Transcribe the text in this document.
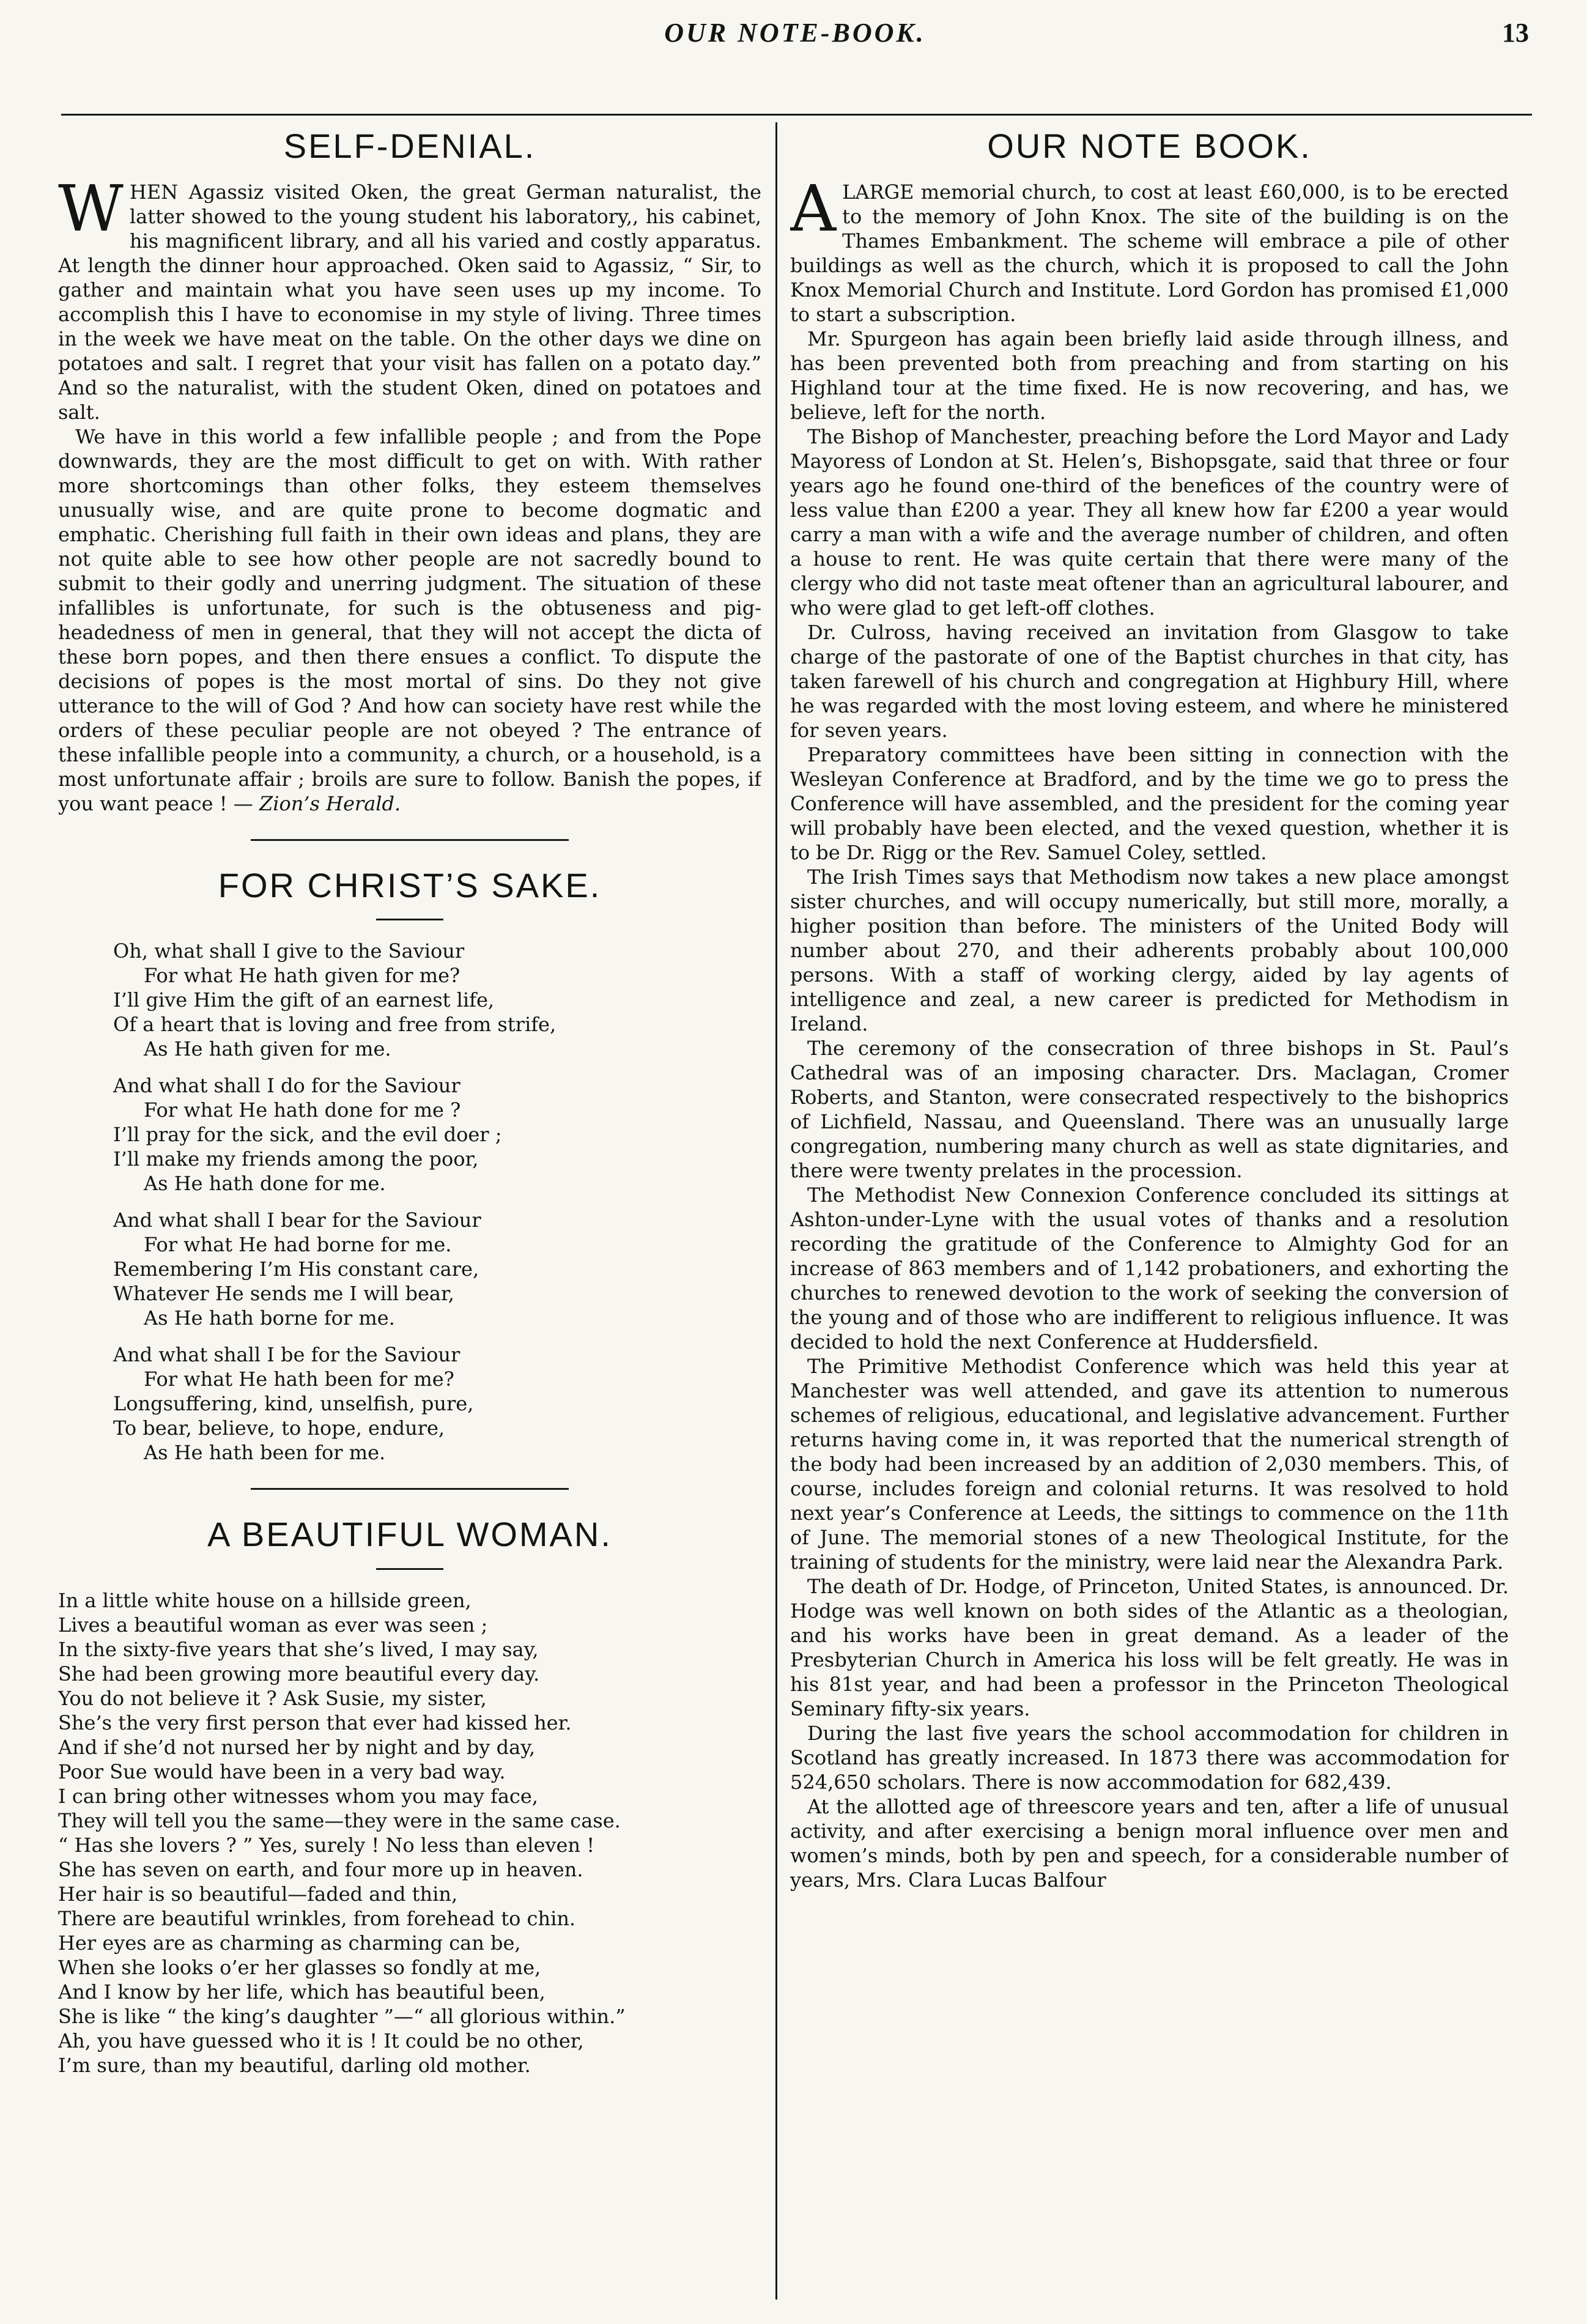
OUR NOTE-BOOK.	13
SELF-DENIAL.

WHEN Agassiz visited Oken, the great German naturalist, the latter showed to the young student his laboratory,, his cabinet, his magnificent library, and all his varied and costly apparatus. At length the dinner hour approached. Oken said to Agassiz, “ Sir, to gather and maintain what you have seen uses up my income. To accomplish this I have to economise in my style of living. Three times in the week we have meat on the table. On the other days we dine on potatoes and salt. I regret that your visit has fallen on a potato day.” And so the naturalist, with the student Oken, dined on potatoes and salt.

We have in this world a few infallible people ; and from the Pope downwards, they are the most difficult to get on with. With rather more shortcomings than other folks, they esteem themselves unusually wise, and are quite prone to become dogmatic and emphatic. Cherishing full faith in their own ideas and plans, they are not quite able to see how other people are not sacredly bound to submit to their godly and unerring judgment. The situation of these infallibles is unfortunate, for such is the obtuseness and pig-headedness of men in general, that they will not accept the dicta of these born popes, and then there ensues a conflict. To dispute the decisions of popes is the most mortal of sins. Do they not give utterance to the will of God ? And how can society have rest while the orders of these peculiar people are not obeyed ? The entrance of these infallible people into a community, a church, or a household, is a most unfortunate affair ; broils are sure to follow. Banish the popes, if you want peace ! — Zion’s Herald.

FOR CHRIST’S SAKE.
Oh, what shall I give to the Saviour
For what He hath given for me?
I’ll give Him the gift of an earnest life,
Of a heart that is loving and free from strife,
As He hath given for me.
And what shall I do for the Saviour
For what He hath done for me ?
I’ll pray for the sick, and the evil doer ;
I’ll make my friends among the poor,
As He hath done for me.
And what shall I bear for the Saviour
For what He had borne for me.
Remembering I’m His constant care,
Whatever He sends me I will bear,
As He hath borne for me.
And what shall I be for the Saviour
For what He hath been for me?
Longsuffering, kind, unselfish, pure,
To bear, believe, to hope, endure,
As He hath been for me.
A BEAUTIFUL WOMAN.
In a little white house on a hillside green,
Lives a beautiful woman as ever was seen ;
In the sixty-five years that she’s lived, I may say,
She had been growing more beautiful every day.
You do not believe it ? Ask Susie, my sister,
She’s the very first person that ever had kissed her.
And if she’d not nursed her by night and by day,
Poor Sue would have been in a very bad way.
I can bring other witnesses whom you may face,
They will tell you the same—they were in the same case.
“ Has she lovers ? ” Yes, surely ! No less than eleven !
She has seven on earth, and four more up in heaven.
Her hair is so beautiful—faded and thin,
There are beautiful wrinkles, from forehead to chin.
Her eyes are as charming as charming can be,
When she looks o’er her glasses so fondly at me,
And I know by her life, which has beautiful been,
She is like “ the king’s daughter ”—“ all glorious within.”
Ah, you have guessed who it is ! It could be no other,
I’m sure, than my beautiful, darling old mother.
OUR NOTE BOOK.

A LARGE memorial church, to cost at least £60,000, is to be erected to the memory of John Knox. The site of the building is on the Thames Embankment. The scheme will embrace a pile of other buildings as well as the church, which it is proposed to call the John Knox Memorial Church and Institute. Lord Gordon has promised £1,000 to start a subscription.

Mr. Spurgeon has again been briefly laid aside through illness, and has been prevented both from preaching and from starting on his Highland tour at the time fixed. He is now recovering, and has, we believe, left for the north.

The Bishop of Manchester, preaching before the Lord Mayor and Lady Mayoress of London at St. Helen’s, Bishopsgate, said that three or four years ago he found one-third of the benefices of the country were of less value than £200 a year. They all knew how far £200 a year would carry a man with a wife and the average number of children, and often a house to rent. He was quite certain that there were many of the clergy who did not taste meat oftener than an agricultural labourer, and who were glad to get left-off clothes.

Dr. Culross, having received an invitation from Glasgow to take charge of the pastorate of one of the Baptist churches in that city, has taken farewell of his church and congregation at Highbury Hill, where he was regarded with the most loving esteem, and where he ministered for seven years.

Preparatory committees have been sitting in connection with the Wesleyan Conference at Bradford, and by the time we go to press the Conference will have assembled, and the president for the coming year will probably have been elected, and the vexed question, whether it is to be Dr. Rigg or the Rev. Samuel Coley, settled.

The Irish Times says that Methodism now takes a new place amongst sister churches, and will occupy numerically, but still more, morally, a higher position than before. The ministers of the United Body will number about 270, and their adherents probably about 100,000 persons. With a staff of working clergy, aided by lay agents of intelligence and zeal, a new career is predicted for Methodism in Ireland.

The ceremony of the consecration of three bishops in St. Paul’s Cathedral was of an imposing character. Drs. Maclagan, Cromer Roberts, and Stanton, were consecrated respectively to the bishoprics of Lichfield, Nassau, and Queensland. There was an unusually large congregation, numbering many church as well as state dignitaries, and there were twenty prelates in the procession.

The Methodist New Connexion Conference concluded its sittings at Ashton-under-Lyne with the usual votes of thanks and a resolution recording the gratitude of the Conference to Almighty God for an increase of 863 members and of 1,142 probationers, and exhorting the churches to renewed devotion to the work of seeking the conversion of the young and of those who are indifferent to religious influence. It was decided to hold the next Conference at Huddersfield.

The Primitive Methodist Conference which was held this year at Manchester was well attended, and gave its attention to numerous schemes of religious, educational, and legislative advancement. Further returns having come in, it was reported that the numerical strength of the body had been increased by an addition of 2,030 members. This, of course, includes foreign and colonial returns. It was resolved to hold next year’s Conference at Leeds, the sittings to commence on the 11th of June. The memorial stones of a new Theological Institute, for the training of students for the ministry, were laid near the Alexandra Park.

The death of Dr. Hodge, of Princeton, United States, is announced. Dr. Hodge was well known on both sides of the Atlantic as a theologian, and his works have been in great demand. As a leader of the Presbyterian Church in America his loss will be felt greatly. He was in his 81st year, and had been a professor in the Princeton Theological Seminary fifty-six years.

During the last five years the school accommodation for children in Scotland has greatly increased. In 1873 there was accommodation for 524,650 scholars. There is now accommodation for 682,439.

At the allotted age of threescore years and ten, after a life of unusual activity, and after exercising a benign moral influence over men and women’s minds, both by pen and speech, for a considerable number of years, Mrs. Clara Lucas Balfour
